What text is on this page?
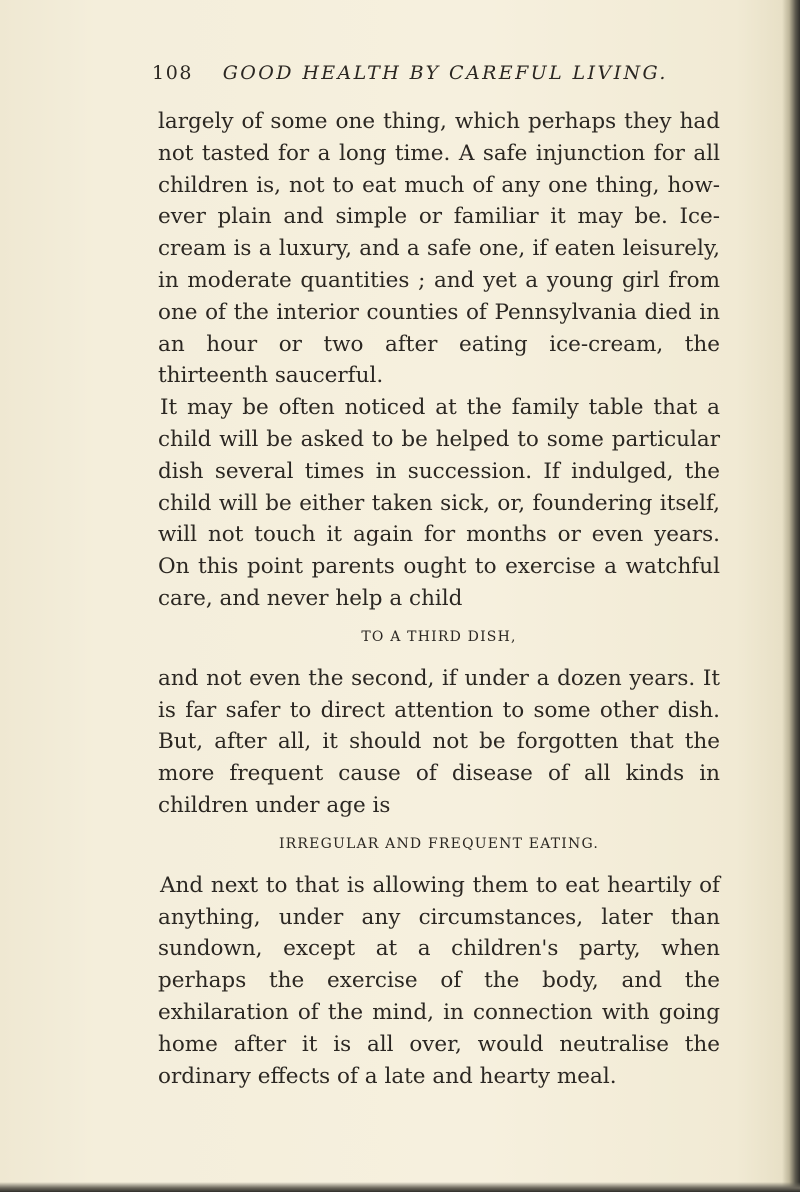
108 GOOD HEALTH BY CAREFUL LIVING.

largely of some one thing, which perhaps they had not tasted for a long time. A safe injunction for all children is, not to eat much of any one thing, how-ever plain and simple or familiar it may be. Ice-cream is a luxury, and a safe one, if eaten leisurely, in moderate quantities ; and yet a young girl from one of the interior counties of Pennsylvania died in an hour or two after eating ice-cream, the thirteenth saucerful.

It may be often noticed at the family table that a child will be asked to be helped to some particular dish several times in succession. If indulged, the child will be either taken sick, or, foundering itself, will not touch it again for months or even years. On this point parents ought to exercise a watchful care, and never help a child

TO A THIRD DISH,

and not even the second, if under a dozen years. It is far safer to direct attention to some other dish. But, after all, it should not be forgotten that the more frequent cause of disease of all kinds in children under age is

IRREGULAR AND FREQUENT EATING.

And next to that is allowing them to eat heartily of anything, under any circumstances, later than sundown, except at a children's party, when perhaps the exercise of the body, and the exhilaration of the mind, in connection with going home after it is all over, would neutralise the ordinary effects of a late and hearty meal.
